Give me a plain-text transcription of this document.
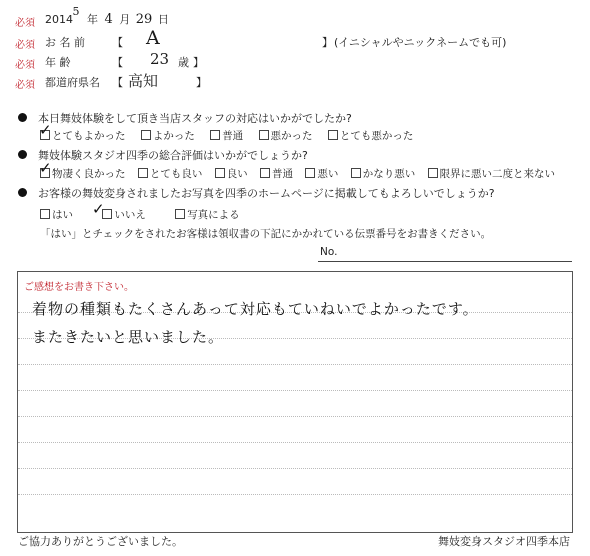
必須 2014 5 年 4 月 29 日
必須 お 名 前 【 A	】 (イニシャルやニックネームでも可)
必須 年 齢	【 23 歳 】
必須 都道府県名 【 高知	】
本日舞妓体験をして頂き当店スタッフの対応はいかがでしたか?
とてもよかった	よかった	普通	悪かった	とても悪かった
✓
舞妓体験スタジオ四季の総合評価はいかがでしょうか?
物凄く良かった とても良い 良い 普通 悪い かなり悪い 限界に悪い二度と来ない
✓
お客様の舞妓変身されましたお写真を四季のホームページに掲載してもよろしいでしょうか?
はい	いいえ	写真による
✓
「はい」とチェックをされたお客様は領収書の下記にかかれている伝票番号をお書きください。
No.
ご感想をお書き下さい。
着物の種類もたくさんあって対応もていねいでよかったです。
またきたいと思いました。
ご協力ありがとうございました。	舞妓変身スタジオ四季本店
